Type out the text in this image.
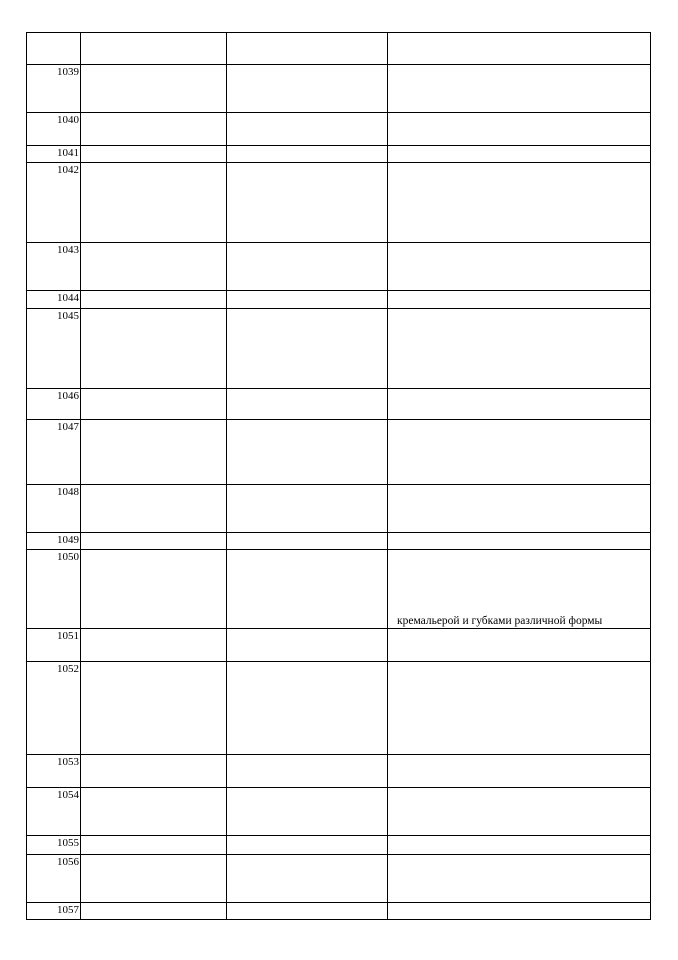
1039
1040
1041
1042
1043
1044
1045
1046
1047
1048
1049
1050
кремальерой и губками различной формы
1051
1052
1053
1054
1055
1056
1057
